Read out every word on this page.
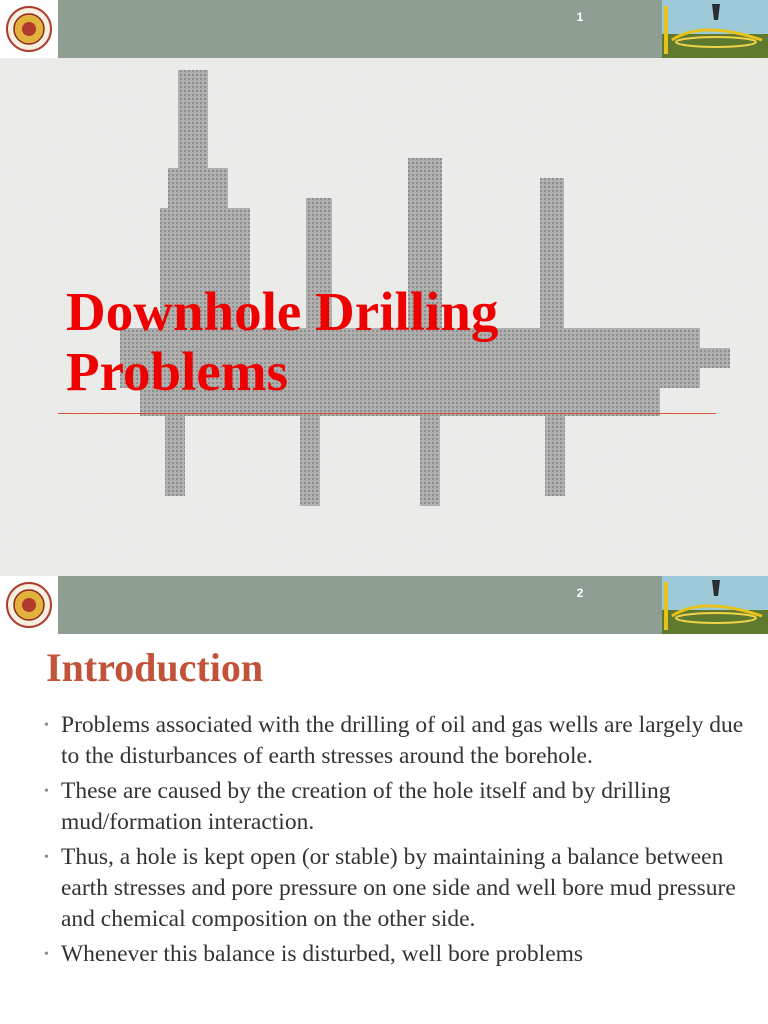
1
Downhole Drilling
Problems
2
Introduction
• Problems associated with the drilling of oil and gas wells are largely due to the disturbances of earth stresses around the borehole.
• These are caused by the creation of the hole itself and by drilling mud/formation interaction.
• Thus, a hole is kept open (or stable) by maintaining a balance between earth stresses and pore pressure on one side and well bore mud pressure and chemical composition on the other side.
• Whenever this balance is disturbed, well bore problems
